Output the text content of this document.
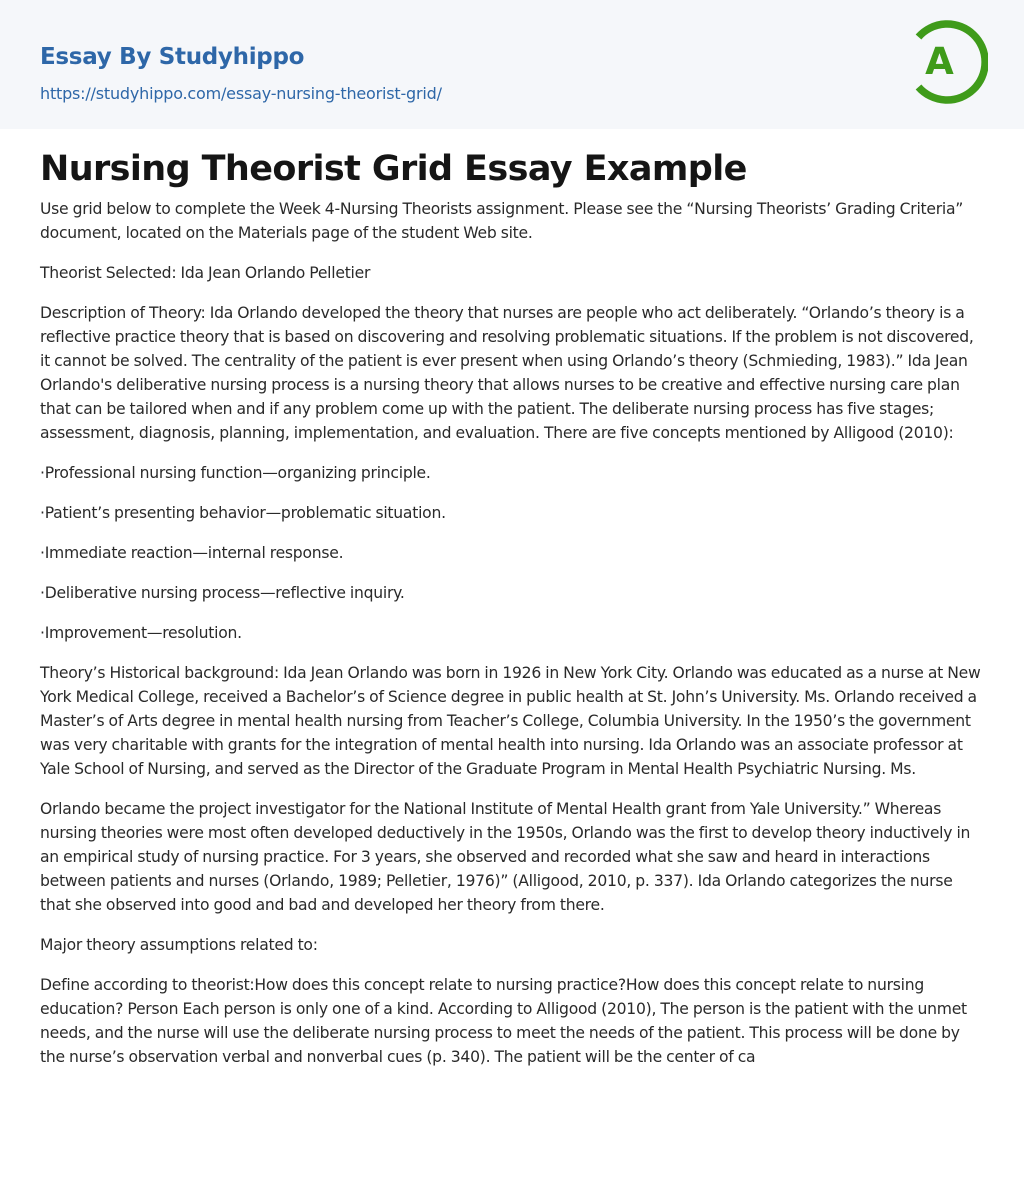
Essay By Studyhippo
https://studyhippo.com/essay-nursing-theorist-grid/
A
Nursing Theorist Grid Essay Example

Use grid below to complete the Week 4-Nursing Theorists assignment. Please see the “Nursing Theorists’ Grading Criteria” document, located on the Materials page of the student Web site.

Theorist Selected: Ida Jean Orlando Pelletier

Description of Theory: Ida Orlando developed the theory that nurses are people who act deliberately. “Orlando’s theory is a reflective practice theory that is based on discovering and resolving problematic situations. If the problem is not discovered, it cannot be solved. The centrality of the patient is ever present when using Orlando’s theory (Schmieding, 1983).” Ida Jean Orlando's deliberative nursing process is a nursing theory that allows nurses to be creative and effective nursing care plan that can be tailored when and if any problem come up with the patient. The deliberate nursing process has five stages; assessment, diagnosis, planning, implementation, and evaluation. There are five concepts mentioned by Alligood (2010):

·Professional nursing function—organizing principle.

·Patient’s presenting behavior—problematic situation.

·Immediate reaction—internal response.

·Deliberative nursing process—reflective inquiry.

·Improvement—resolution.

Theory’s Historical background: Ida Jean Orlando was born in 1926 in New York City. Orlando was educated as a nurse at New York Medical College, received a Bachelor’s of Science degree in public health at St. John’s University. Ms. Orlando received a Master’s of Arts degree in mental health nursing from Teacher’s College, Columbia University. In the 1950’s the government was very charitable with grants for the integration of mental health into nursing. Ida Orlando was an associate professor at Yale School of Nursing, and served as the Director of the Graduate Program in Mental Health Psychiatric Nursing. Ms.

Orlando became the project investigator for the National Institute of Mental Health grant from Yale University.” Whereas nursing theories were most often developed deductively in the 1950s, Orlando was the first to develop theory inductively in an empirical study of nursing practice. For 3 years, she observed and recorded what she saw and heard in interactions between patients and nurses (Orlando, 1989; Pelletier, 1976)” (Alligood, 2010, p. 337). Ida Orlando categorizes the nurse that she observed into good and bad and developed her theory from there.

Major theory assumptions related to:

Define according to theorist:How does this concept relate to nursing practice?How does this concept relate to nursing education? Person Each person is only one of a kind. According to Alligood (2010), The person is the patient with the unmet needs, and the nurse will use the deliberate nursing process to meet the needs of the patient. This process will be done by the nurse’s observation verbal and nonverbal cues (p. 340). The patient will be the center of ca
